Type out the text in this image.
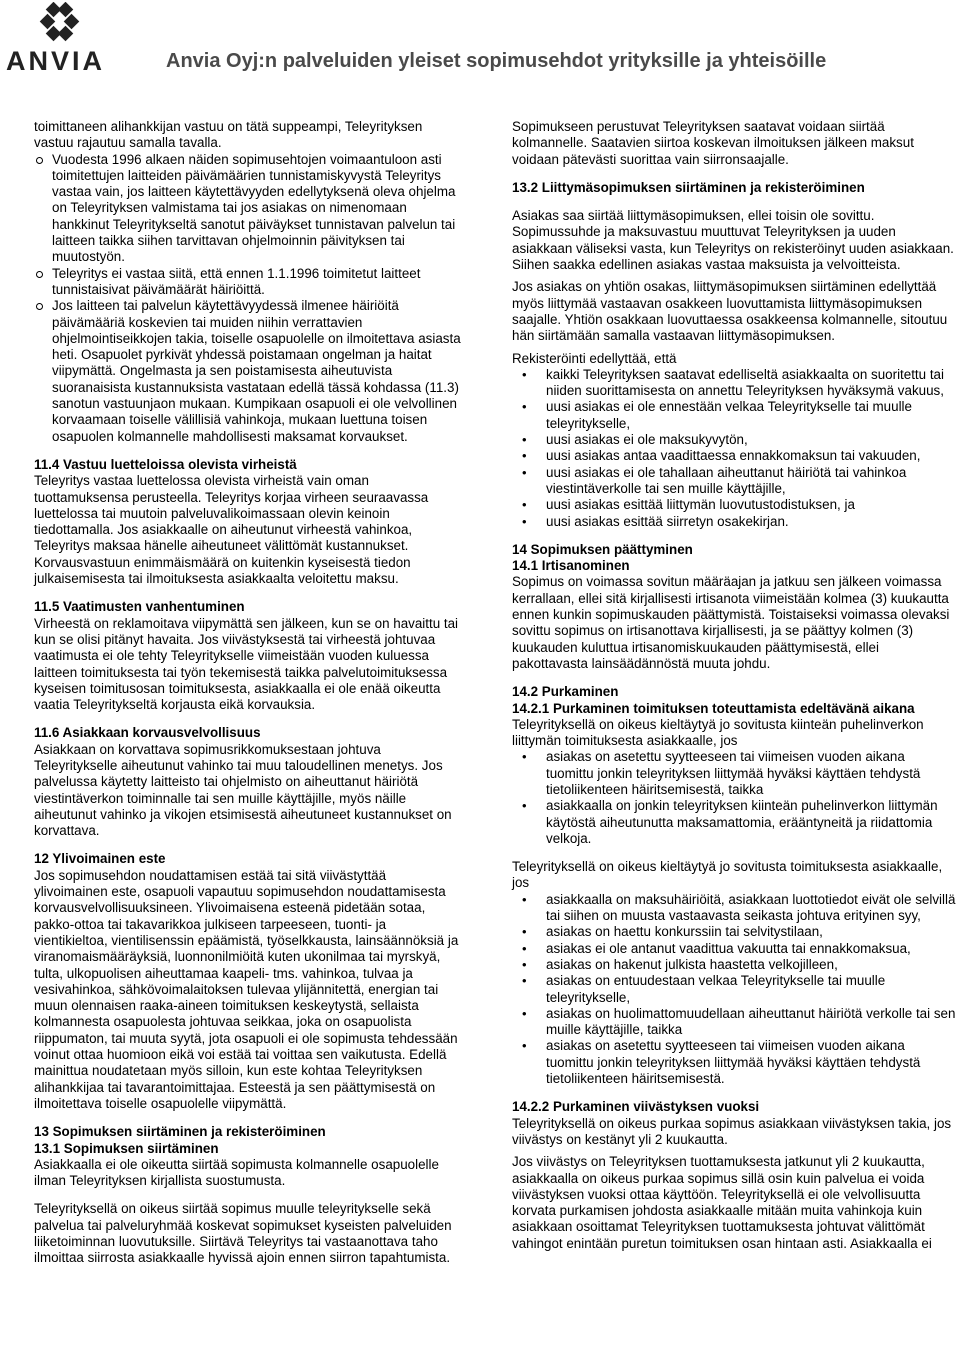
ANVIA	Anvia Oyj:n palveluiden yleiset sopimusehdot yrityksille ja yhteisöille

toimittaneen alihankkijan vastuu on tätä suppeampi, Teleyrityksen vastuu rajautuu samalla tavalla.

Vuodesta 1996 alkaen näiden sopimusehtojen voimaantuloon asti toimitettujen laitteiden päivämäärien tunnistamiskyvystä Teleyritys vastaa vain, jos laitteen käytettävyyden edellytyksenä oleva ohjelma on Teleyrityksen valmistama tai jos asiakas on nimenomaan hankkinut Teleyritykseltä sanotut päiväykset tunnistavan palvelun tai laitteen taikka siihen tarvittavan ohjelmoinnin päivityksen tai muutostyön.
Teleyritys ei vastaa siitä, että ennen 1.1.1996 toimitetut laitteet tunnistaisivat päivämäärät häiriöittä.
Jos laitteen tai palvelun käytettävyydessä ilmenee häiriöitä päivämääriä koskevien tai muiden niihin verrattavien ohjelmointiseikkojen takia, toiselle osapuolelle on ilmoitettava asiasta heti. Osapuolet pyrkivät yhdessä poistamaan ongelman ja haitat viipymättä. Ongelmasta ja sen poistamisesta aiheutuvista suoranaisista kustannuksista vastataan edellä tässä kohdassa (11.3) sanotun vastuunjaon mukaan. Kumpikaan osapuoli ei ole velvollinen korvaamaan toiselle välillisiä vahinkoja, mukaan luettuna toisen osapuolen kolmannelle mahdollisesti maksamat korvaukset.
11.4 Vastuu luetteloissa olevista virheistä

Teleyritys vastaa luettelossa olevista virheistä vain oman tuottamuksensa perusteella. Teleyritys korjaa virheen seuraavassa luettelossa tai muutoin palveluvalikoimassaan olevin keinoin tiedottamalla. Jos asiakkaalle on aiheutunut virheestä vahinkoa, Teleyritys maksaa hänelle aiheutuneet välittömät kustannukset. Korvausvastuun enimmäismäärä on kuitenkin kyseisestä tiedon julkaisemisesta tai ilmoituksesta asiakkaalta veloitettu maksu.

11.5 Vaatimusten vanhentuminen

Virheestä on reklamoitava viipymättä sen jälkeen, kun se on havaittu tai kun se olisi pitänyt havaita. Jos viivästyksestä tai virheestä johtuvaa vaatimusta ei ole tehty Teleyritykselle viimeistään vuoden kuluessa laitteen toimituksesta tai työn tekemisestä taikka palvelutoimituksessa kyseisen toimitusosan toimituksesta, asiakkaalla ei ole enää oikeutta vaatia Teleyritykseltä korjausta eikä korvauksia.

11.6 Asiakkaan korvausvelvollisuus

Asiakkaan on korvattava sopimusrikkomuksestaan johtuva Teleyritykselle aiheutunut vahinko tai muu taloudellinen menetys. Jos palvelussa käytetty laitteisto tai ohjelmisto on aiheuttanut häiriötä viestintäverkon toiminnalle tai sen muille käyttäjille, myös näille aiheutunut vahinko ja vikojen etsimisestä aiheutuneet kustannukset on korvattava.

12 Ylivoimainen este

Jos sopimusehdon noudattamisen estää tai sitä viivästyttää ylivoimainen este, osapuoli vapautuu sopimusehdon noudattamisesta korvausvelvollisuuksineen. Ylivoimaisena esteenä pidetään sotaa, pakko-ottoa tai takavarikkoa julkiseen tarpeeseen, tuonti- ja vientikieltoa, vientilisenssin epäämistä, työselkkausta, lainsäännöksiä ja viranomaismääräyksiä, luonnonilmiöitä kuten ukonilmaa tai myrskyä, tulta, ulkopuolisen aiheuttamaa kaapeli- tms. vahinkoa, tulvaa ja vesivahinkoa, sähkövoimalaitoksen tulevaa ylijännitettä, energian tai muun olennaisen raaka-aineen toimituksen keskeytystä, sellaista kolmannesta osapuolesta johtuvaa seikkaa, joka on osapuolista riippumaton, tai muuta syytä, jota osapuoli ei ole sopimusta tehdessään voinut ottaa huomioon eikä voi estää tai voittaa sen vaikutusta. Edellä mainittua noudatetaan myös silloin, kun este kohtaa Teleyrityksen alihankkijaa tai tavarantoimittajaa. Esteestä ja sen päättymisestä on ilmoitettava toiselle osapuolelle viipymättä.

13 Sopimuksen siirtäminen ja rekisteröiminen
13.1 Sopimuksen siirtäminen

Asiakkaalla ei ole oikeutta siirtää sopimusta kolmannelle osapuolelle ilman Teleyrityksen kirjallista suostumusta.

Teleyrityksellä on oikeus siirtää sopimus muulle teleyritykselle sekä palvelua tai palveluryhmää koskevat sopimukset kyseisten palveluiden liiketoiminnan luovutuksille. Siirtävä Teleyritys tai vastaanottava taho ilmoittaa siirrosta asiakkaalle hyvissä ajoin ennen siirron tapahtumista.

Sopimukseen perustuvat Teleyrityksen saatavat voidaan siirtää kolmannelle. Saatavien siirtoa koskevan ilmoituksen jälkeen maksut voidaan pätevästi suorittaa vain siirronsaajalle.

13.2 Liittymäsopimuksen siirtäminen ja rekisteröiminen

Asiakas saa siirtää liittymäsopimuksen, ellei toisin ole sovittu. Sopimussuhde ja maksuvastuu muuttuvat Teleyrityksen ja uuden asiakkaan väliseksi vasta, kun Teleyritys on rekisteröinyt uuden asiakkaan. Siihen saakka edellinen asiakas vastaa maksuista ja velvoitteista.

Jos asiakas on yhtiön osakas, liittymäsopimuksen siirtäminen edellyttää myös liittymää vastaavan osakkeen luovuttamista liittymäsopimuksen saajalle. Yhtiön osakkaan luovuttaessa osakkeensa kolmannelle, sitoutuu hän siirtämään samalla vastaavan liittymäsopimuksen.

Rekisteröinti edellyttää, että

• kaikki Teleyrityksen saatavat edelliseltä asiakkaalta on suoritettu tai niiden suorittamisesta on annettu Teleyrityksen hyväksymä vakuus,
• uusi asiakas ei ole ennestään velkaa Teleyritykselle tai muulle teleyritykselle,
• uusi asiakas ei ole maksukyvytön,
• uusi asiakas antaa vaadittaessa ennakkomaksun tai vakuuden,
• uusi asiakas ei ole tahallaan aiheuttanut häiriötä tai vahinkoa viestintäverkolle tai sen muille käyttäjille,
• uusi asiakas esittää liittymän luovutustodistuksen, ja
• uusi asiakas esittää siirretyn osakekirjan.
14 Sopimuksen päättyminen
14.1 Irtisanominen

Sopimus on voimassa sovitun määräajan ja jatkuu sen jälkeen voimassa kerrallaan, ellei sitä kirjallisesti irtisanota viimeistään kolmea (3) kuukautta ennen kunkin sopimuskauden päättymistä. Toistaiseksi voimassa olevaksi sovittu sopimus on irtisanottava kirjallisesti, ja se päättyy kolmen (3) kuukauden kuluttua irtisanomiskuukauden päättymisestä, ellei pakottavasta lainsäädännöstä muuta johdu.

14.2 Purkaminen
14.2.1 Purkaminen toimituksen toteuttamista edeltävänä aikana

Teleyrityksellä on oikeus kieltäytyä jo sovitusta kiinteän puhelinverkon liittymän toimituksesta asiakkaalle, jos

• asiakas on asetettu syytteeseen tai viimeisen vuoden aikana tuomittu jonkin teleyrityksen liittymää hyväksi käyttäen tehdystä tietoliikenteen häiritsemisestä, taikka
• asiakkaalla on jonkin teleyrityksen kiinteän puhelinverkon liittymän käytöstä aiheutunutta maksamattomia, erääntyneitä ja riidattomia velkoja.

Teleyrityksellä on oikeus kieltäytyä jo sovitusta toimituksesta asiakkaalle, jos

• asiakkaalla on maksuhäiriöitä, asiakkaan luottotiedot eivät ole selvillä tai siihen on muusta vastaavasta seikasta johtuva erityinen syy,
• asiakas on haettu konkurssiin tai selvitystilaan,
• asiakas ei ole antanut vaadittua vakuutta tai ennakkomaksua,
• asiakas on hakenut julkista haastetta velkojilleen,
• asiakas on entuudestaan velkaa Teleyritykselle tai muulle teleyritykselle,
• asiakas on huolimattomuudellaan aiheuttanut häiriötä verkolle tai sen muille käyttäjille, taikka
• asiakas on asetettu syytteeseen tai viimeisen vuoden aikana tuomittu jonkin teleyrityksen liittymää hyväksi käyttäen tehdystä tietoliikenteen häiritsemisestä.
14.2.2 Purkaminen viivästyksen vuoksi

Teleyrityksellä on oikeus purkaa sopimus asiakkaan viivästyksen takia, jos viivästys on kestänyt yli 2 kuukautta.

Jos viivästys on Teleyrityksen tuottamuksesta jatkunut yli 2 kuukautta, asiakkaalla on oikeus purkaa sopimus sillä osin kuin palvelua ei voida viivästyksen vuoksi ottaa käyttöön. Teleyrityksellä ei ole velvollisuutta korvata purkamisen johdosta asiakkaalle mitään muita vahinkoja kuin asiakkaan osoittamat Teleyrityksen tuottamuksesta johtuvat välittömät vahingot enintään puretun toimituksen osan hintaan asti. Asiakkaalla ei
